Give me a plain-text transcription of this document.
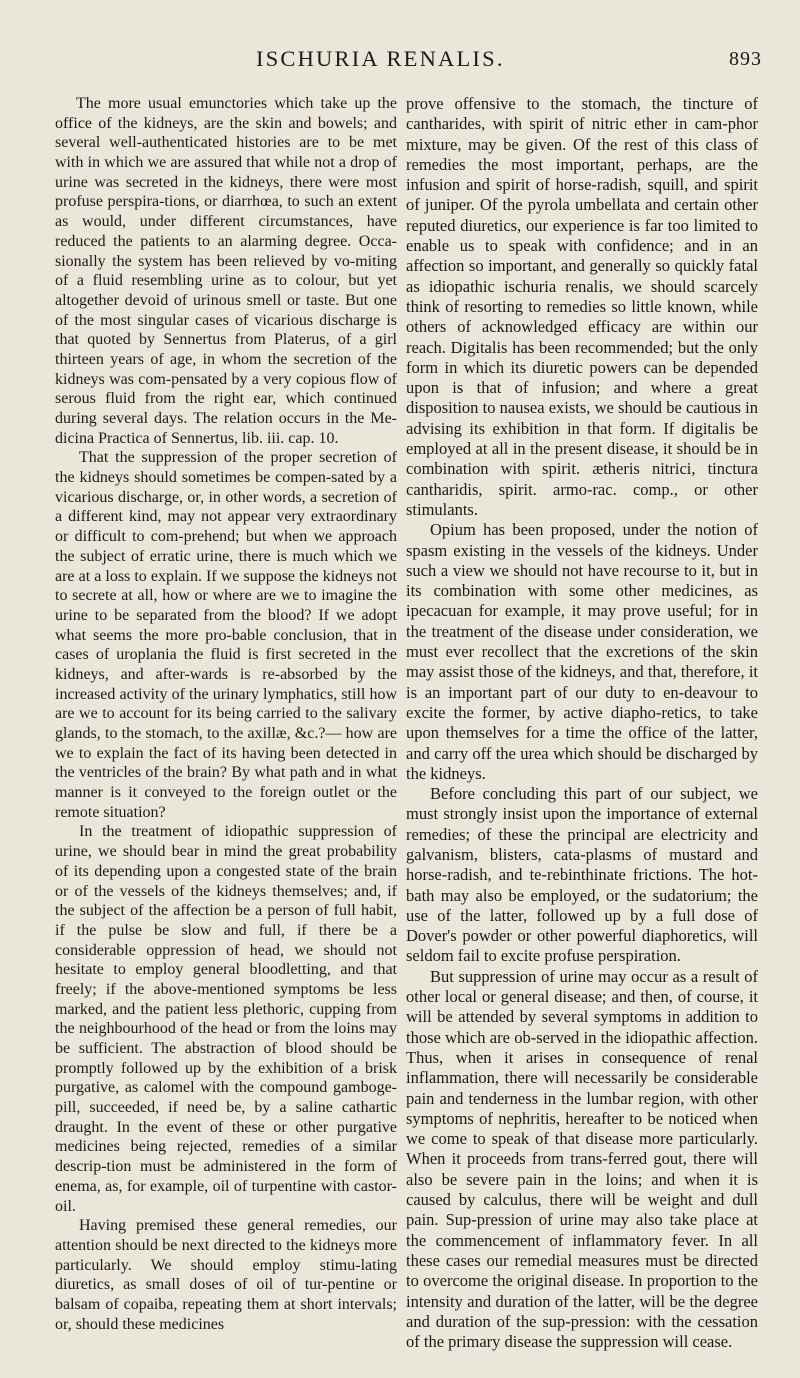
ISCHURIA RENALIS.	893

The more usual emunctories which take up the office of the kidneys, are the skin and bowels; and several well-authenticated histories are to be met with in which we are assured that while not a drop of urine was secreted in the kidneys, there were most profuse perspira-tions, or diarrhœa, to such an extent as would, under different circumstances, have reduced the patients to an alarming degree. Occa-sionally the system has been relieved by vo-miting of a fluid resembling urine as to colour, but yet altogether devoid of urinous smell or taste. But one of the most singular cases of vicarious discharge is that quoted by Sennertus from Platerus, of a girl thirteen years of age, in whom the secretion of the kidneys was com-pensated by a very copious flow of serous fluid from the right ear, which continued during several days. The relation occurs in the Me-dicina Practica of Sennertus, lib. iii. cap. 10.

That the suppression of the proper secretion of the kidneys should sometimes be compen-sated by a vicarious discharge, or, in other words, a secretion of a different kind, may not appear very extraordinary or difficult to com-prehend; but when we approach the subject of erratic urine, there is much which we are at a loss to explain. If we suppose the kidneys not to secrete at all, how or where are we to imagine the urine to be separated from the blood? If we adopt what seems the more pro-bable conclusion, that in cases of uroplania the fluid is first secreted in the kidneys, and after-wards is re-absorbed by the increased activity of the urinary lymphatics, still how are we to account for its being carried to the salivary glands, to the stomach, to the axillæ, &c.?— how are we to explain the fact of its having been detected in the ventricles of the brain? By what path and in what manner is it conveyed to the foreign outlet or the remote situation?

In the treatment of idiopathic suppression of urine, we should bear in mind the great probability of its depending upon a congested state of the brain or of the vessels of the kidneys themselves; and, if the subject of the affection be a person of full habit, if the pulse be slow and full, if there be a considerable oppression of head, we should not hesitate to employ general bloodletting, and that freely; if the above-mentioned symptoms be less marked, and the patient less plethoric, cupping from the neighbourhood of the head or from the loins may be sufficient. The abstraction of blood should be promptly followed up by the exhibition of a brisk purgative, as calomel with the compound gamboge-pill, succeeded, if need be, by a saline cathartic draught. In the event of these or other purgative medicines being rejected, remedies of a similar descrip-tion must be administered in the form of enema, as, for example, oil of turpentine with castor-oil.

Having premised these general remedies, our attention should be next directed to the kidneys more particularly. We should employ stimu-lating diuretics, as small doses of oil of tur-pentine or balsam of copaiba, repeating them at short intervals; or, should these medicines

prove offensive to the stomach, the tincture of cantharides, with spirit of nitric ether in cam-phor mixture, may be given. Of the rest of this class of remedies the most important, perhaps, are the infusion and spirit of horse-radish, squill, and spirit of juniper. Of the pyrola umbellata and certain other reputed diuretics, our experience is far too limited to enable us to speak with confidence; and in an affection so important, and generally so quickly fatal as idiopathic ischuria renalis, we should scarcely think of resorting to remedies so little known, while others of acknowledged efficacy are within our reach. Digitalis has been recommended; but the only form in which its diuretic powers can be depended upon is that of infusion; and where a great disposition to nausea exists, we should be cautious in advising its exhibition in that form. If digitalis be employed at all in the present disease, it should be in combination with spirit. ætheris nitrici, tinctura cantharidis, spirit. armo-rac. comp., or other stimulants.

Opium has been proposed, under the notion of spasm existing in the vessels of the kidneys. Under such a view we should not have recourse to it, but in its combination with some other medicines, as ipecacuan for example, it may prove useful; for in the treatment of the disease under consideration, we must ever recollect that the excretions of the skin may assist those of the kidneys, and that, therefore, it is an important part of our duty to en-deavour to excite the former, by active diapho-retics, to take upon themselves for a time the office of the latter, and carry off the urea which should be discharged by the kidneys.

Before concluding this part of our subject, we must strongly insist upon the importance of external remedies; of these the principal are electricity and galvanism, blisters, cata-plasms of mustard and horse-radish, and te-rebinthinate frictions. The hot-bath may also be employed, or the sudatorium; the use of the latter, followed up by a full dose of Dover's powder or other powerful diaphoretics, will seldom fail to excite profuse perspiration.

But suppression of urine may occur as a result of other local or general disease; and then, of course, it will be attended by several symptoms in addition to those which are ob-served in the idiopathic affection. Thus, when it arises in consequence of renal inflammation, there will necessarily be considerable pain and tenderness in the lumbar region, with other symptoms of nephritis, hereafter to be noticed when we come to speak of that disease more particularly. When it proceeds from trans-ferred gout, there will also be severe pain in the loins; and when it is caused by calculus, there will be weight and dull pain. Sup-pression of urine may also take place at the commencement of inflammatory fever. In all these cases our remedial measures must be directed to overcome the original disease. In proportion to the intensity and duration of the latter, will be the degree and duration of the sup-pression: with the cessation of the primary disease the suppression will cease.
